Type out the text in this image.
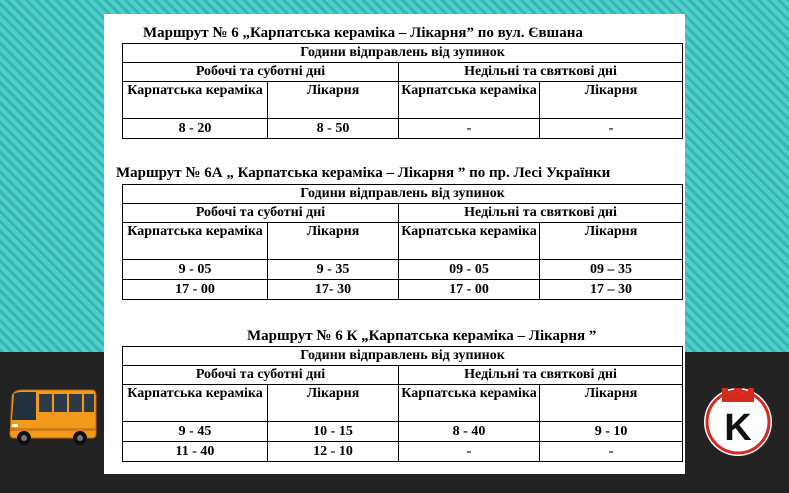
Маршрут № 6 „Карпатська кераміка – Лікарня” по вул. Євшана
Години відправлень від зупинок			
Робочі та суботні дні		Недільні та святкові дні	
Карпатська кераміка	Лікарня	Карпатська кераміка	Лікарня
8 - 20	8 - 50	-	-
Маршрут № 6А „ Карпатська кераміка – Лікарня ” по пр. Лесі Українки
Години відправлень від зупинок			
Робочі та суботні дні		Недільні та святкові дні	
Карпатська кераміка	Лікарня	Карпатська кераміка	Лікарня
9 - 05	9 - 35	09 - 05	09 – 35
17 - 00	17- 30	17 - 00	17 – 30
Маршрут № 6 К „Карпатська кераміка – Лікарня ”
Години відправлень від зупинок			
Робочі та суботні дні		Недільні та святкові дні	
Карпатська кераміка	Лікарня	Карпатська кераміка	Лікарня
9 - 45	10 - 15	8 - 40	9 - 10
11 - 40	12 - 10	-	-
K
